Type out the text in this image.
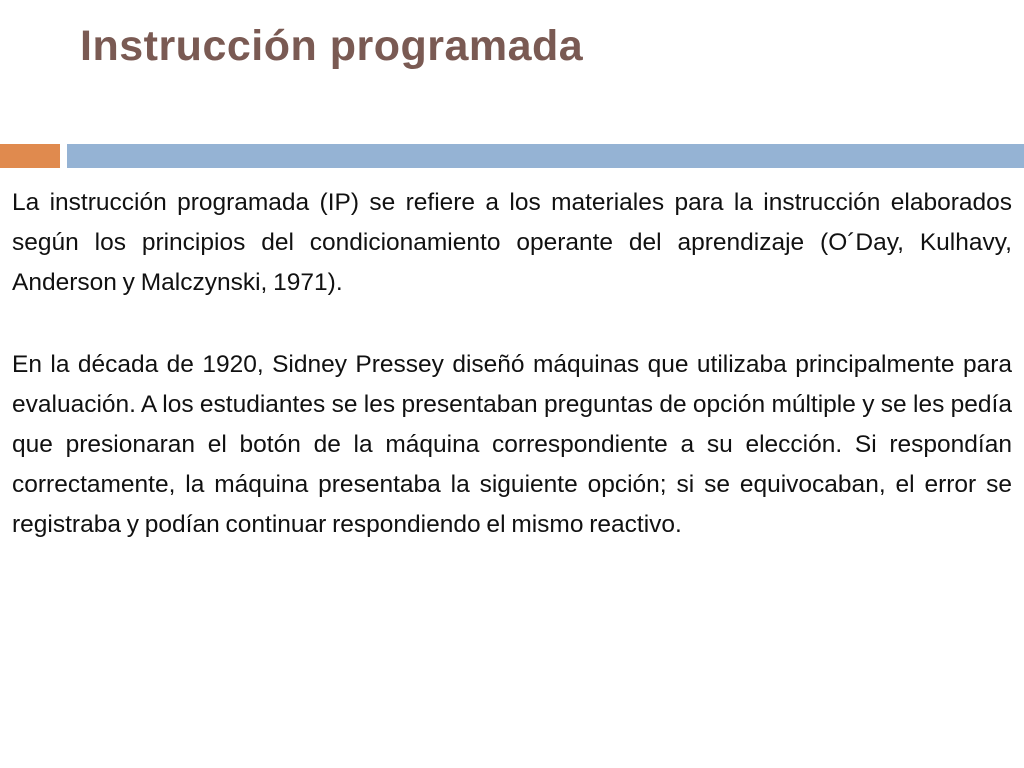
Instrucción programada

La instrucción programada (IP) se refiere a los materiales para la instrucción elaborados según los principios del condicionamiento operante del aprendizaje (O´Day, Kulhavy, Anderson y Malczynski, 1971).

En la década de 1920, Sidney Pressey diseñó máquinas que utilizaba principalmente para evaluación. A los estudiantes se les presentaban preguntas de opción múltiple y se les pedía que presionaran el botón de la máquina correspondiente a su elección. Si respondían correctamente, la máquina presentaba la siguiente opción; si se equivocaban, el error se registraba y podían continuar respondiendo el mismo reactivo.
